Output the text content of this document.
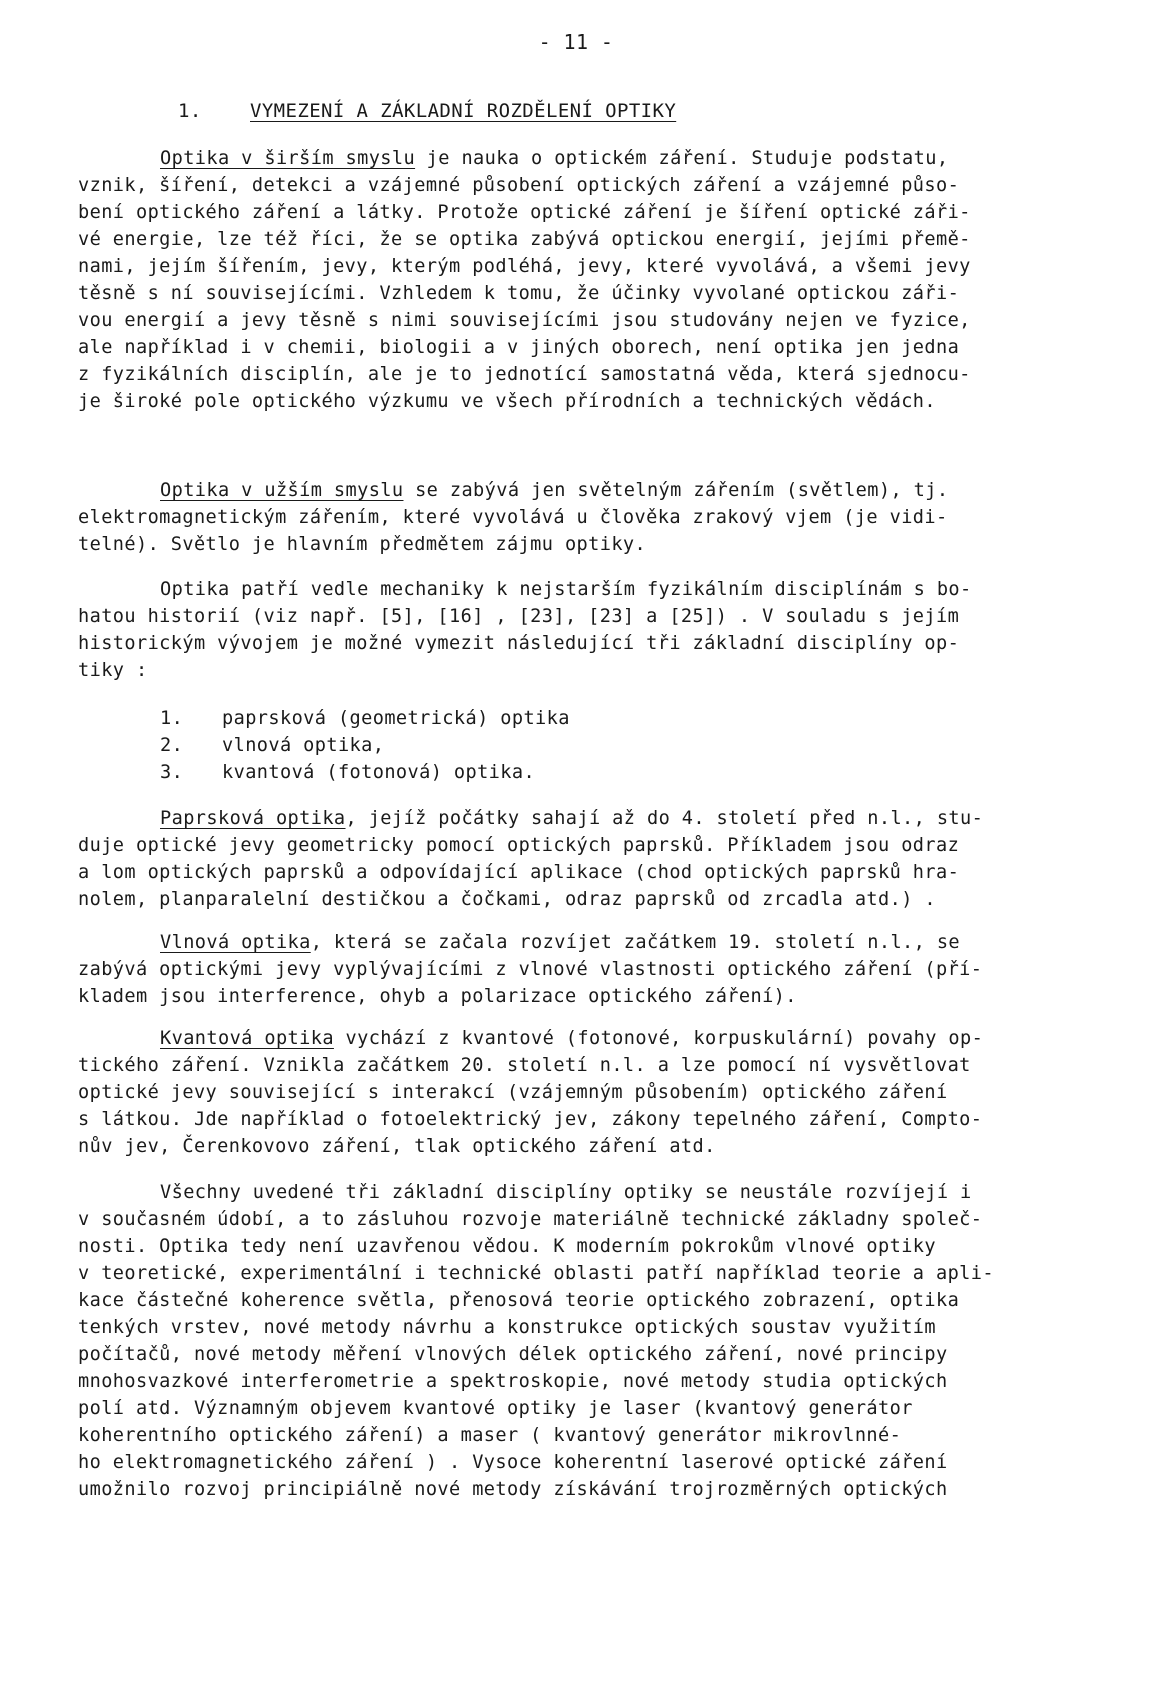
- 11 -
1.	VYMEZENÍ A ZÁKLADNÍ ROZDĚLENÍ OPTIKY
Optika v širším smyslu je nauka o optickém záření. Studuje podstatu,
vznik, šíření, detekci a vzájemné působení optických záření a vzájemné půso-
bení optického záření a látky. Protože optické záření je šíření optické záři-
vé energie, lze též říci, že se optika zabývá optickou energií, jejími přemě-
nami, jejím šířením, jevy, kterým podléhá, jevy, které vyvolává, a všemi jevy
těsně s ní souvisejícími. Vzhledem k tomu, že účinky vyvolané optickou záři-
vou energií a jevy těsně s nimi souvisejícími jsou studovány nejen ve fyzice,
ale například i v chemii, biologii a v jiných oborech, není optika jen jedna
z fyzikálních disciplín, ale je to jednotící samostatná věda, která sjednocu-
je široké pole optického výzkumu ve všech přírodních a technických vědách.
Optika v užším smyslu se zabývá jen světelným zářením (světlem), tj.
elektromagnetickým zářením, které vyvolává u člověka zrakový vjem (je vidi-
telné). Světlo je hlavním předmětem zájmu optiky.
Optika patří vedle mechaniky k nejstarším fyzikálním disciplínám s bo-
hatou historií (viz např. [5], [16] , [23], [23] a [25]) . V souladu s jejím
historickým vývojem je možné vymezit následující tři základní disciplíny op-
tiky :
1. paprsková (geometrická) optika
2. vlnová optika,
3. kvantová (fotonová) optika.
Paprsková optika, jejíž počátky sahají až do 4. století před n.l., stu-
duje optické jevy geometricky pomocí optických paprsků. Příkladem jsou odraz
a lom optických paprsků a odpovídající aplikace (chod optických paprsků hra-
nolem, planparalelní destičkou a čočkami, odraz paprsků od zrcadla atd.) .
Vlnová optika, která se začala rozvíjet začátkem 19. století n.l., se
zabývá optickými jevy vyplývajícími z vlnové vlastnosti optického záření (pří-
kladem jsou interference, ohyb a polarizace optického záření).
Kvantová optika vychází z kvantové (fotonové, korpuskulární) povahy op-
tického záření. Vznikla začátkem 20. století n.l. a lze pomocí ní vysvětlovat
optické jevy související s interakcí (vzájemným působením) optického záření
s látkou. Jde například o fotoelektrický jev, zákony tepelného záření, Compto-
nův jev, Čerenkovovo záření, tlak optického záření atd.
Všechny uvedené tři základní disciplíny optiky se neustále rozvíjejí i
v současném údobí, a to zásluhou rozvoje materiálně technické základny společ-
nosti. Optika tedy není uzavřenou vědou. K moderním pokrokům vlnové optiky
v teoretické, experimentální i technické oblasti patří například teorie a apli-
kace částečné koherence světla, přenosová teorie optického zobrazení, optika
tenkých vrstev, nové metody návrhu a konstrukce optických soustav využitím
počítačů, nové metody měření vlnových délek optického záření, nové principy
mnohosvazkové interferometrie a spektroskopie, nové metody studia optických
polí atd. Významným objevem kvantové optiky je laser (kvantový generátor
koherentního optického záření) a maser ( kvantový generátor mikrovlnné-
ho elektromagnetického záření ) . Vysoce koherentní laserové optické záření
umožnilo rozvoj principiálně nové metody získávání trojrozměrných optických
